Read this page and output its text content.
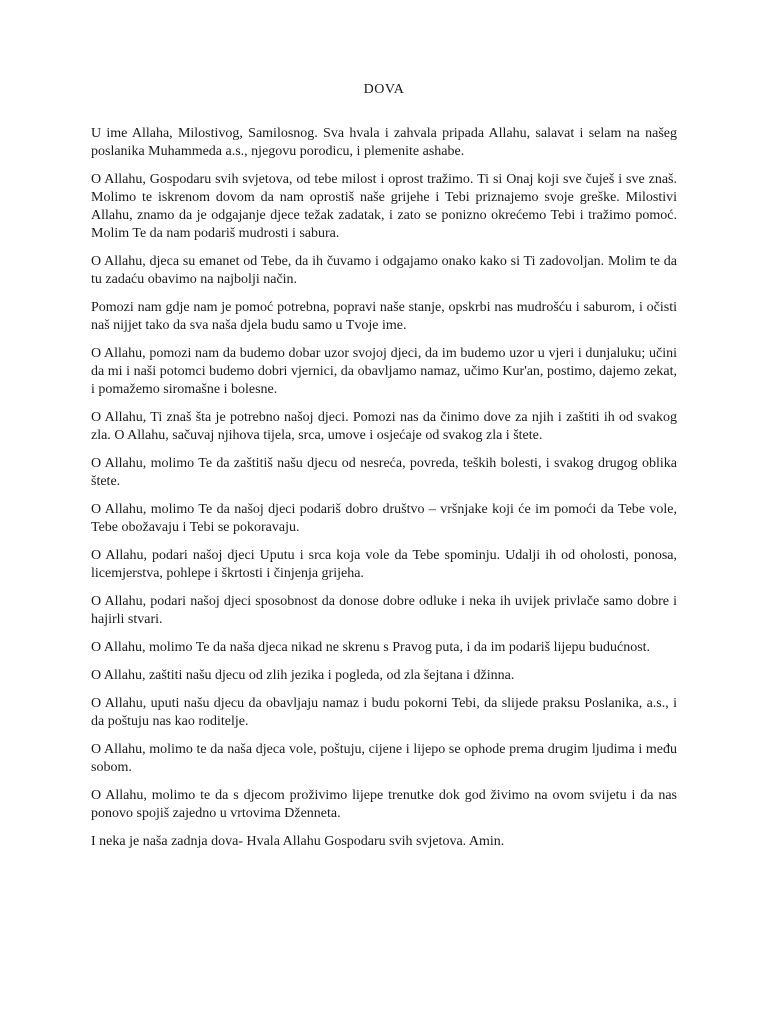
DOVA

U ime Allaha, Milostivog, Samilosnog. Sva hvala i zahvala pripada Allahu, salavat i selam na našeg poslanika Muhammeda a.s., njegovu porodicu, i plemenite ashabe.

O Allahu, Gospodaru svih svjetova, od tebe milost i oprost tražimo. Ti si Onaj koji sve čuješ i sve znaš. Molimo te iskrenom dovom da nam oprostiš naše grijehe i Tebi priznajemo svoje greške. Milostivi Allahu, znamo da je odgajanje djece težak zadatak, i zato se ponizno okrećemo Tebi i tražimo pomoć. Molim Te da nam podariš mudrosti i sabura.

O Allahu, djeca su emanet od Tebe, da ih čuvamo i odgajamo onako kako si Ti zadovoljan. Molim te da tu zadaću obavimo na najbolji način.

Pomozi nam gdje nam je pomoć potrebna, popravi naše stanje, opskrbi nas mudrošću i saburom, i očisti naš nijjet tako da sva naša djela budu samo u Tvoje ime.

O Allahu, pomozi nam da budemo dobar uzor svojoj djeci, da im budemo uzor u vjeri i dunjaluku; učini da mi i naši potomci budemo dobri vjernici, da obavljamo namaz, učimo Kur'an, postimo, dajemo zekat, i pomažemo siromašne i bolesne.

O Allahu, Ti znaš šta je potrebno našoj djeci. Pomozi nas da činimo dove za njih i zaštiti ih od svakog zla. O Allahu, sačuvaj njihova tijela, srca, umove i osjećaje od svakog zla i štete.

O Allahu, molimo Te da zaštitiš našu djecu od nesreća, povreda, teških bolesti, i svakog drugog oblika štete.

O Allahu, molimo Te da našoj djeci podariš dobro društvo – vršnjake koji će im pomoći da Tebe vole, Tebe obožavaju i Tebi se pokoravaju.

O Allahu, podari našoj djeci Uputu i srca koja vole da Tebe spominju. Udalji ih od oholosti, ponosa, licemjerstva, pohlepe i škrtosti i činjenja grijeha.

O Allahu, podari našoj djeci sposobnost da donose dobre odluke i neka ih uvijek privlače samo dobre i hajirli stvari.

O Allahu, molimo Te da naša djeca nikad ne skrenu s Pravog puta, i da im podariš lijepu budućnost.

O Allahu, zaštiti našu djecu od zlih jezika i pogleda, od zla šejtana i džinna.

O Allahu, uputi našu djecu da obavljaju namaz i budu pokorni Tebi, da slijede praksu Poslanika, a.s., i da poštuju nas kao roditelje.

O Allahu, molimo te da naša djeca vole, poštuju, cijene i lijepo se ophode prema drugim ljudima i među sobom.

O Allahu, molimo te da s djecom proživimo lijepe trenutke dok god živimo na ovom svijetu i da nas ponovo spojiš zajedno u vrtovima Dženneta.

I neka je naša zadnja dova- Hvala Allahu Gospodaru svih svjetova. Amin.
